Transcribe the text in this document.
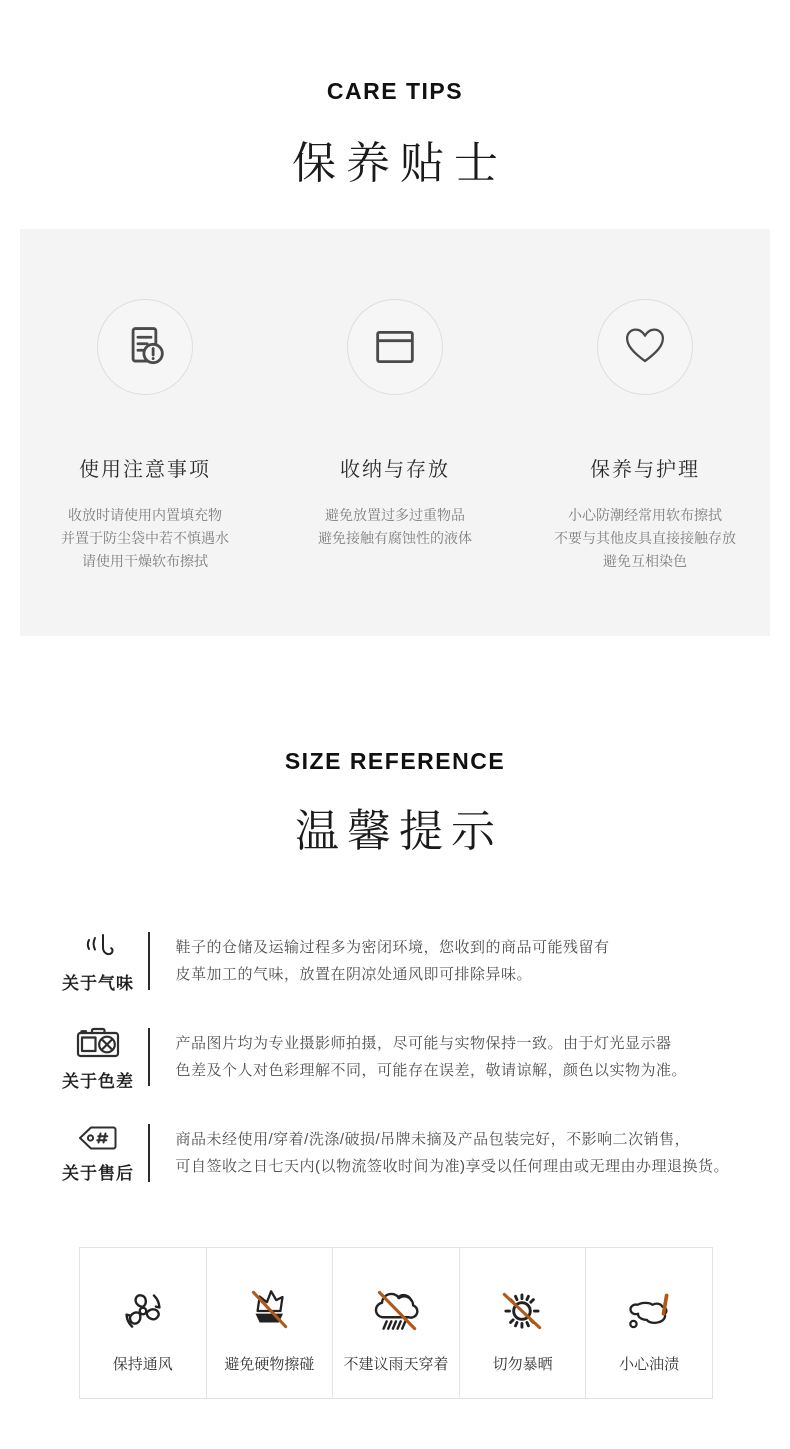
CARE TIPS
保养贴士
使用注意事项
收放时请使用内置填充物
并置于防尘袋中若不慎遇水
请使用干燥软布擦拭
收纳与存放
避免放置过多过重物品
避免接触有腐蚀性的液体
保养与护理
小心防潮经常用软布擦拭
不要与其他皮具直接接触存放
避免互相染色
SIZE REFERENCE
温馨提示
关于气味
鞋子的仓储及运输过程多为密闭环境，您收到的商品可能残留有
皮革加工的气味，放置在阴凉处通风即可排除异味。
关于色差
产品图片均为专业摄影师拍摄，尽可能与实物保持一致。由于灯光显示器
色差及个人对色彩理解不同，可能存在误差，敬请谅解，颜色以实物为准。
关于售后
商品未经使用/穿着/洗涤/破损/吊牌未摘及产品包装完好，不影响二次销售，
可自签收之日七天内(以物流签收时间为准)享受以任何理由或无理由办理退换货。
保持通风	避免硬物擦碰 不建议雨天穿着	切勿暴晒	小心油渍
